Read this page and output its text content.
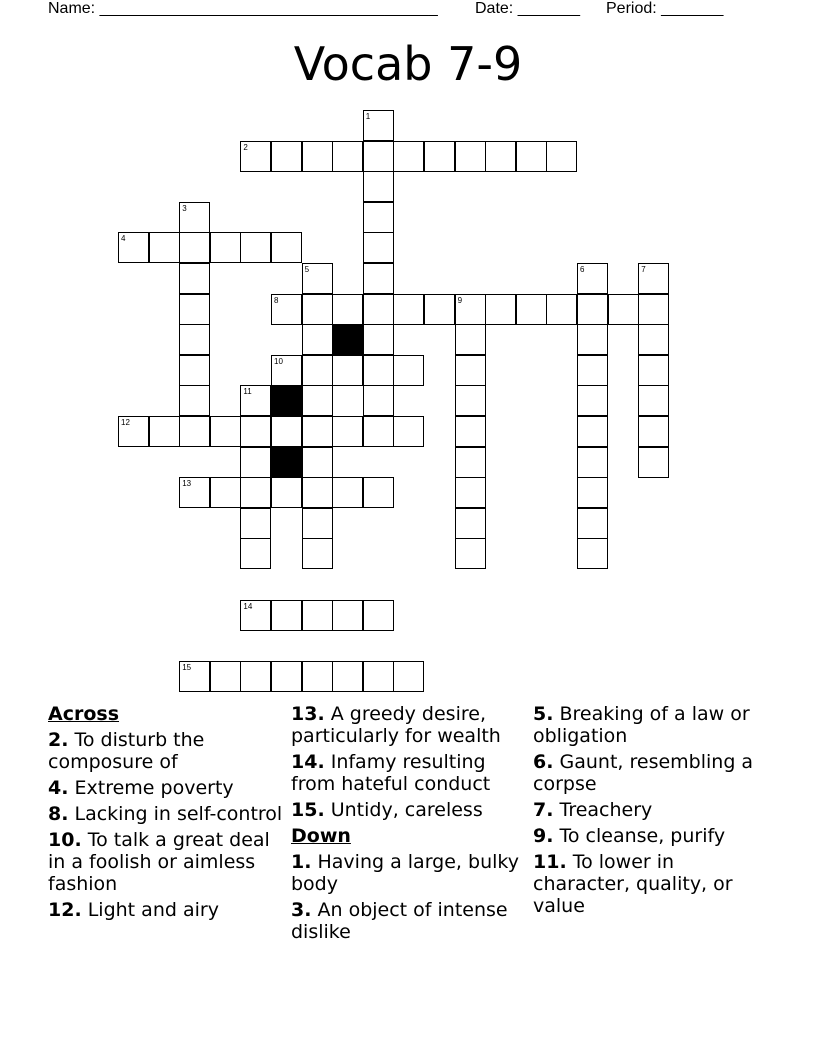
Name: ______________________________________ Date: _______ Period: _______
Vocab 7-9
1
2
3
4
5	6	7
8	9
10
11
12
13
14
15
Across
2. To disturb the composure of
4. Extreme poverty
8. Lacking in self-control
10. To talk a great deal in a foolish or aimless fashion
12. Light and airy
13. A greedy desire, particularly for wealth
14. Infamy resulting from hateful conduct
15. Untidy, careless
Down
1. Having a large, bulky body
3. An object of intense dislike
5. Breaking of a law or obligation
6. Gaunt, resembling a corpse
7. Treachery
9. To cleanse, purify
11. To lower in character, quality, or value
